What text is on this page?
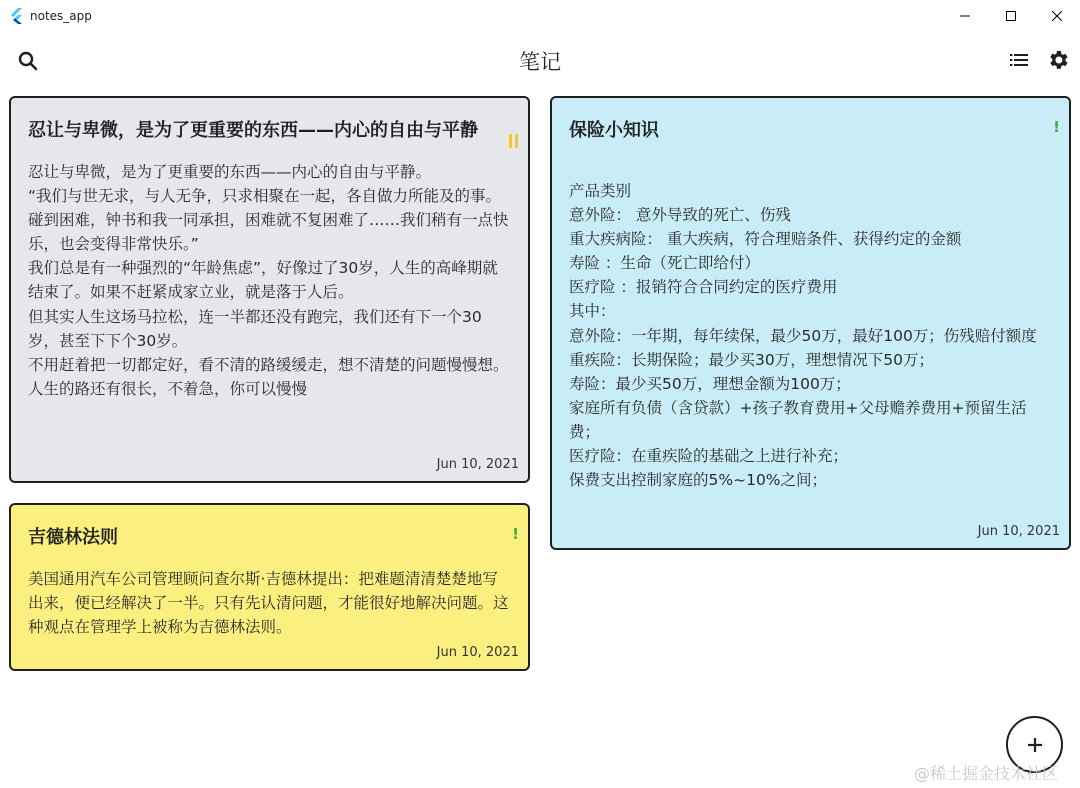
notes_app
笔记
忍让与卑微，是为了更重要的东西——内心的自由与平静
忍让与卑微，是为了更重要的东西——内心的自由与平静。
“我们与世无求，与人无争，只求相聚在一起，各自做力所能及的事。碰到困难，钟书和我一同承担，困难就不复困难了……我们稍有一点快乐，也会变得非常快乐。”
我们总是有一种强烈的“年龄焦虑”，好像过了30岁，人生的高峰期就结束了。如果不赶紧成家立业，就是落于人后。
但其实人生这场马拉松，连一半都还没有跑完，我们还有下一个30岁，甚至下下个30岁。
不用赶着把一切都定好，看不清的路缓缓走，想不清楚的问题慢慢想。
人生的路还有很长，不着急，你可以慢慢
Jun 10, 2021
吉德林法则	!
美国通用汽车公司管理顾问查尔斯·吉德林提出：把难题清清楚楚地写出来，便已经解决了一半。只有先认清问题，才能很好地解决问题。这种观点在管理学上被称为吉德林法则。
Jun 10, 2021
保险小知识	!
产品类别
意外险： 意外导致的死亡、伤残
重大疾病险： 重大疾病，符合理赔条件、获得约定的金额
寿险 ：生命（死亡即给付）
医疗险 ：报销符合合同约定的医疗费用
其中：
意外险：一年期，每年续保，最少50万，最好100万；伤残赔付额度
重疾险：长期保险；最少买30万，理想情况下50万；
寿险：最少买50万，理想金额为100万；
家庭所有负债（含贷款）+孩子教育费用+父母赡养费用+预留生活费；
医疗险：在重疾险的基础之上进行补充；
保费支出控制家庭的5%~10%之间；
Jun 10, 2021
@稀土掘金技术社区
